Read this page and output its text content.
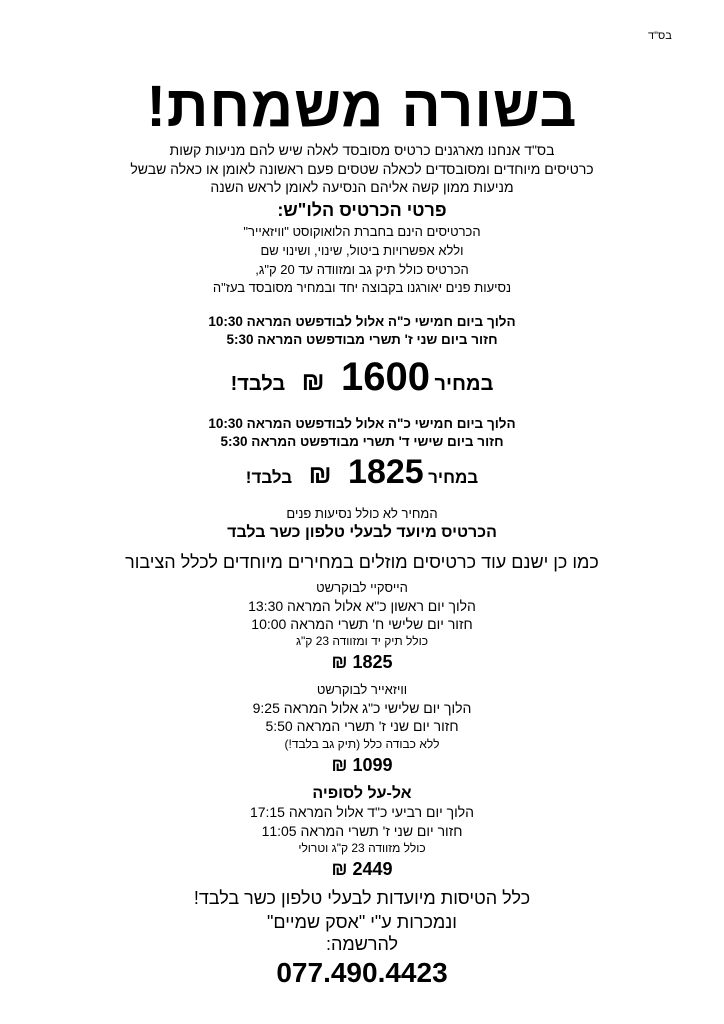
בס"ד
בשורה משמחת!
בס"ד אנחנו מארגנים כרטיס מסובסד לאלה שיש להם מניעות קשות
כרטיסים מיוחדים ומסובסדים לכאלה שטסים פעם ראשונה לאומן או כאלה שבשל
מניעות ממון קשה אליהם הנסיעה לאומן לראש השנה
פרטי הכרטיס הלו"ש:
הכרטיסים הינם בחברת הלואוקוסט "וויזאייר"
וללא אפשרויות ביטול, שינוי, ושינוי שם
הכרטיס כולל תיק גב ומזוודה עד 20 ק"ג,
נסיעות פנים יאורגנו בקבוצה יחד ובמחיר מסובסד בעז"ה
הלוך ביום חמישי כ"ה אלול לבודפשט המראה 10:30
חזור ביום שני ז' תשרי מבודפשט המראה 5:30
במחיר 1600 ₪ בלבד!
הלוך ביום חמישי כ"ה אלול לבודפשט המראה 10:30
חזור ביום שישי ד' תשרי מבודפשט המראה 5:30
במחיר 1825 ₪ בלבד!
המחיר לא כולל נסיעות פנים
הכרטיס מיועד לבעלי טלפון כשר בלבד
כמו כן ישנם עוד כרטיסים מוזלים במחירים מיוחדים לכלל הציבור
הייסקיי לבוקרשט
הלוך יום ראשון כ"א אלול המראה 13:30
חזור יום שלישי ח' תשרי המראה 10:00
כולל תיק יד ומזוודה 23 ק"ג
1825 ₪
וויזאייר לבוקרשט
הלוך יום שלישי כ"ג אלול המראה 9:25
חזור יום שני ז' תשרי המראה 5:50
ללא כבודה כלל (תיק גב בלבד!)
1099 ₪
אל-על לסופיה
הלוך יום רביעי כ"ד אלול המראה 17:15
חזור יום שני ז' תשרי המראה 11:05
כולל מזוודה 23 ק"ג וטרולי
2449 ₪
כלל הטיסות מיועדות לבעלי טלפון כשר בלבד!
ונמכרות ע"י "אסק שמיים"
להרשמה:
077.490.4423
